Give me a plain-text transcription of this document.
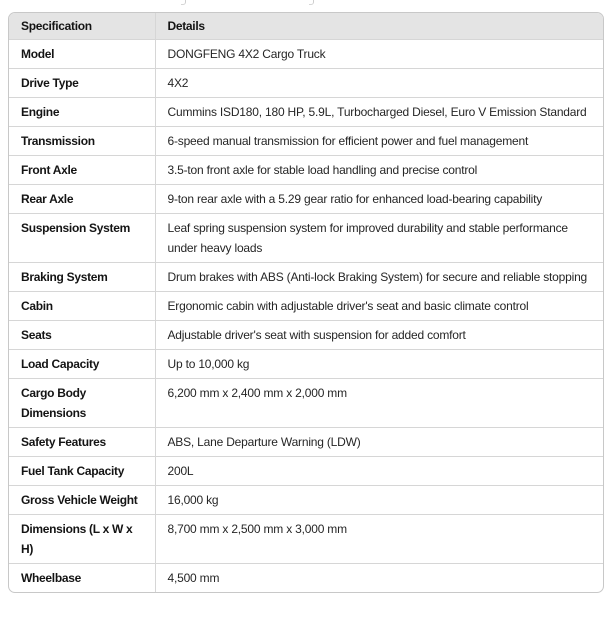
Specification	Details
Model	DONGFENG 4X2 Cargo Truck
Drive Type	4X2
Engine	Cummins ISD180, 180 HP, 5.9L, Turbocharged Diesel, Euro V Emission Standard
Transmission	6-speed manual transmission for efficient power and fuel management
Front Axle	3.5-ton front axle for stable load handling and precise control
Rear Axle	9-ton rear axle with a 5.29 gear ratio for enhanced load-bearing capability
Suspension System	Leaf spring suspension system for improved durability and stable performance under heavy loads
Braking System	Drum brakes with ABS (Anti-lock Braking System) for secure and reliable stopping
Cabin	Ergonomic cabin with adjustable driver's seat and basic climate control
Seats	Adjustable driver's seat with suspension for added comfort
Load Capacity	Up to 10,000 kg
Cargo Body Dimensions	6,200 mm x 2,400 mm x 2,000 mm
Safety Features	ABS, Lane Departure Warning (LDW)
Fuel Tank Capacity	200L
Gross Vehicle Weight	16,000 kg
Dimensions (L x W x H)	8,700 mm x 2,500 mm x 3,000 mm
Wheelbase	4,500 mm
